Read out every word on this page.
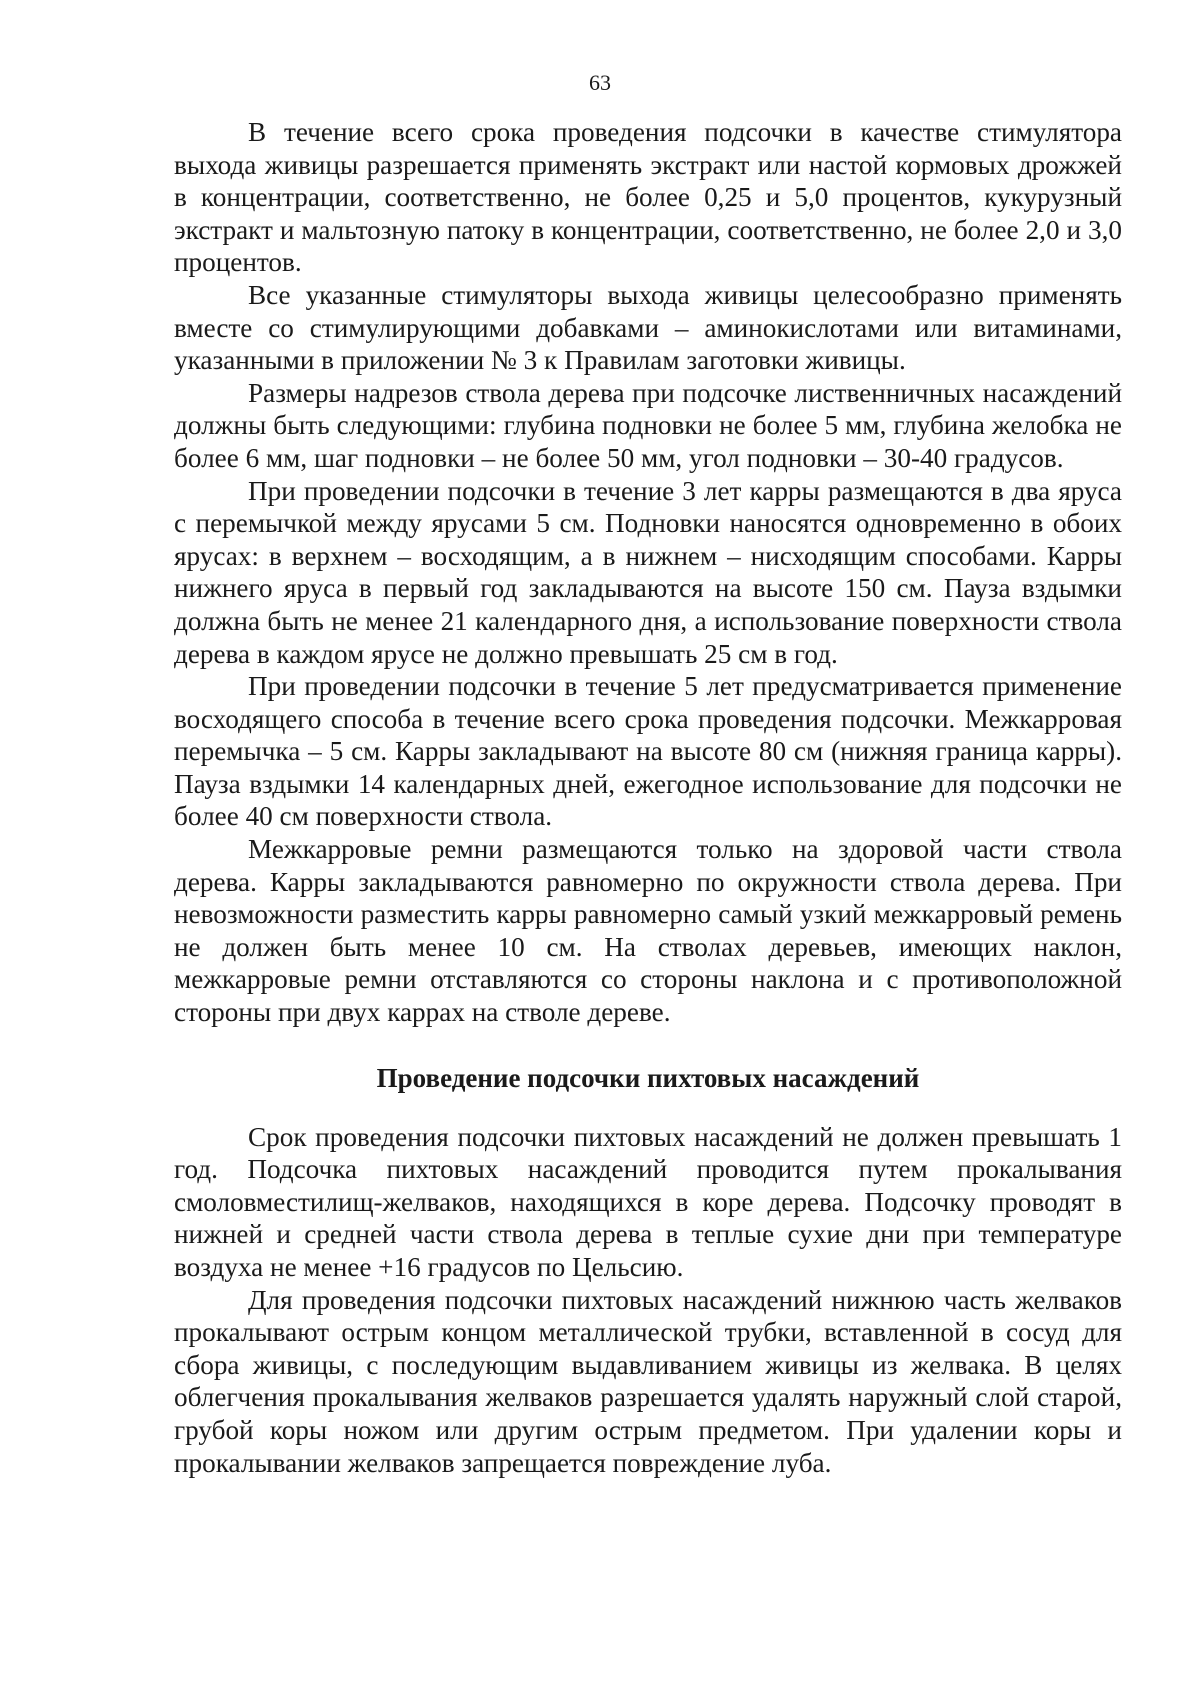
63

В течение всего срока проведения подсочки в качестве стимулятора выхода живицы разрешается применять экстракт или настой кормовых дрожжей в концентрации, соответственно, не более 0,25 и 5,0 процентов, кукурузный экстракт и мальтозную патоку в концентрации, соответственно, не более 2,0 и 3,0 процентов.

Все указанные стимуляторы выхода живицы целесообразно применять вместе со стимулирующими добавками – аминокислотами или витаминами, указанными в приложении № 3 к Правилам заготовки живицы.

Размеры надрезов ствола дерева при подсочке лиственничных насаждений должны быть следующими: глубина подновки не более 5 мм, глубина желобка не более 6 мм, шаг подновки – не более 50 мм, угол подновки – 30-40 градусов.

При проведении подсочки в течение 3 лет карры размещаются в два яруса с перемычкой между ярусами 5 см. Подновки наносятся одновременно в обоих ярусах: в верхнем – восходящим, а в нижнем – нисходящим способами. Карры нижнего яруса в первый год закладываются на высоте 150 см. Пауза вздымки должна быть не менее 21 календарного дня, а использование поверхности ствола дерева в каждом ярусе не должно превышать 25 см в год.

При проведении подсочки в течение 5 лет предусматривается применение восходящего способа в течение всего срока проведения подсочки. Межкарровая перемычка – 5 см. Карры закладывают на высоте 80 см (нижняя граница карры). Пауза вздымки 14 календарных дней, ежегодное использование для подсочки не более 40 см поверхности ствола.

Межкарровые ремни размещаются только на здоровой части ствола дерева. Карры закладываются равномерно по окружности ствола дерева. При невозможности разместить карры равномерно самый узкий межкарровый ремень не должен быть менее 10 см. На стволах деревьев, имеющих наклон, межкарровые ремни отставляются со стороны наклона и с противоположной стороны при двух каррах на стволе дереве.

Проведение подсочки пихтовых насаждений

Срок проведения подсочки пихтовых насаждений не должен превышать 1 год. Подсочка пихтовых насаждений проводится путем прокалывания смоловместилищ-желваков, находящихся в коре дерева. Подсочку проводят в нижней и средней части ствола дерева в теплые сухие дни при температуре воздуха не менее +16 градусов по Цельсию.

Для проведения подсочки пихтовых насаждений нижнюю часть желваков прокалывают острым концом металлической трубки, вставленной в сосуд для сбора живицы, с последующим выдавливанием живицы из желвака. В целях облегчения прокалывания желваков разрешается удалять наружный слой старой, грубой коры ножом или другим острым предметом. При удалении коры и прокалывании желваков запрещается повреждение луба.
